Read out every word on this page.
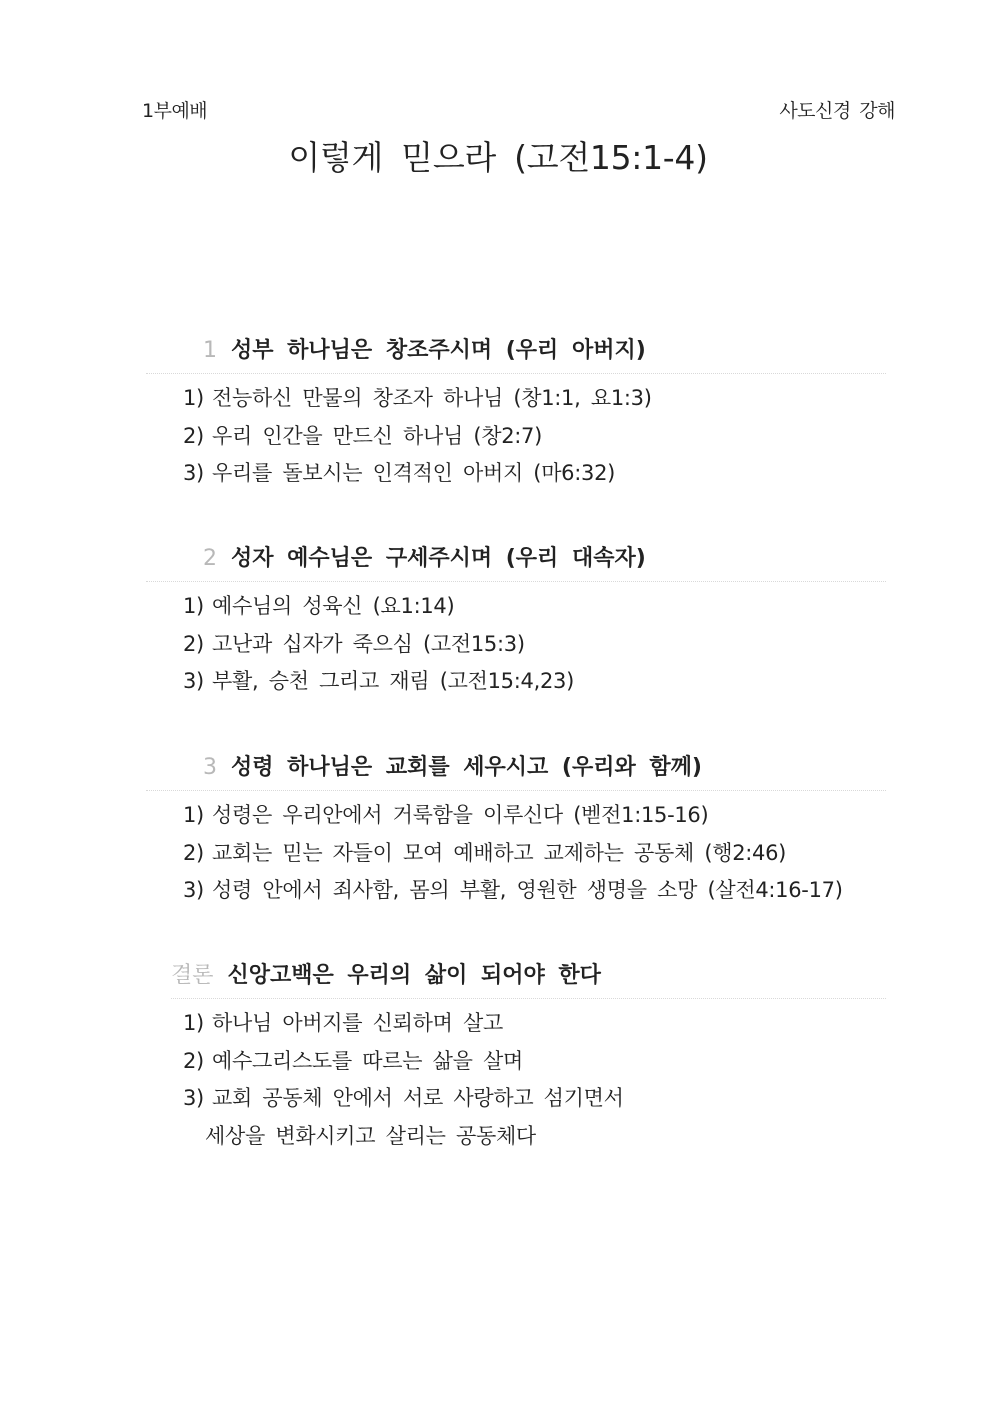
1부예배	사도신경 강해
이렇게 믿으라 (고전15:1-4)
1 성부 하나님은 창조주시며 (우리 아버지)
1) 전능하신 만물의 창조자 하나님 (창1:1, 요1:3)
2) 우리 인간을 만드신 하나님 (창2:7)
3) 우리를 돌보시는 인격적인 아버지 (마6:32)
2 성자 예수님은 구세주시며 (우리 대속자)
1) 예수님의 성육신 (요1:14)
2) 고난과 십자가 죽으심 (고전15:3)
3) 부활, 승천 그리고 재림 (고전15:4,23)
3 성령 하나님은 교회를 세우시고 (우리와 함께)
1) 성령은 우리안에서 거룩함을 이루신다 (벧전1:15-16)
2) 교회는 믿는 자들이 모여 예배하고 교제하는 공동체 (행2:46)
3) 성령 안에서 죄사함, 몸의 부활, 영원한 생명을 소망 (살전4:16-17)
결론 신앙고백은 우리의 삶이 되어야 한다
1) 하나님 아버지를 신뢰하며 살고
2) 예수그리스도를 따르는 삶을 살며
3) 교회 공동체 안에서 서로 사랑하고 섬기면서
세상을 변화시키고 살리는 공동체다
